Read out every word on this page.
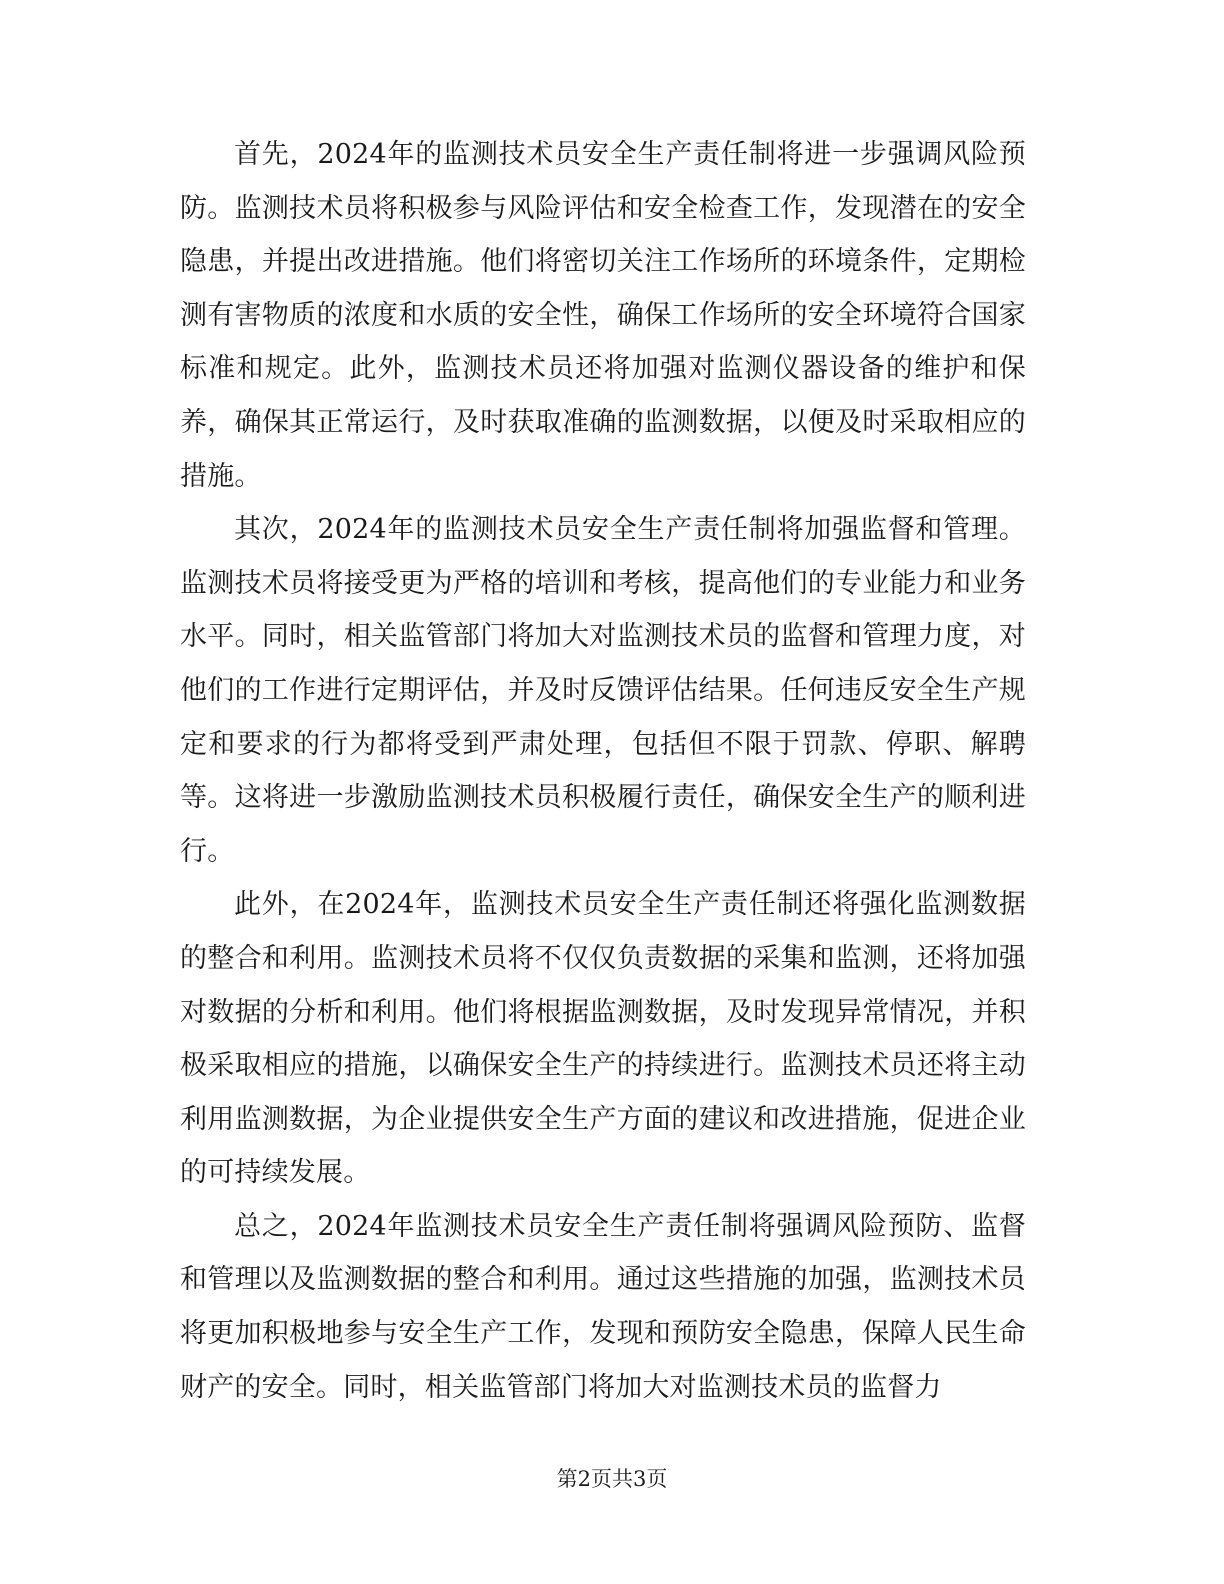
首先，2024年的监测技术员安全生产责任制将进一步强调风险预防。监测技术员将积极参与风险评估和安全检查工作，发现潜在的安全隐患，并提出改进措施。他们将密切关注工作场所的环境条件，定期检测有害物质的浓度和水质的安全性，确保工作场所的安全环境符合国家标准和规定。此外，监测技术员还将加强对监测仪器设备的维护和保养，确保其正常运行，及时获取准确的监测数据，以便及时采取相应的措施。

其次，2024年的监测技术员安全生产责任制将加强监督和管理。监测技术员将接受更为严格的培训和考核，提高他们的专业能力和业务水平。同时，相关监管部门将加大对监测技术员的监督和管理力度，对他们的工作进行定期评估，并及时反馈评估结果。任何违反安全生产规定和要求的行为都将受到严肃处理，包括但不限于罚款、停职、解聘等。这将进一步激励监测技术员积极履行责任，确保安全生产的顺利进行。

此外，在2024年，监测技术员安全生产责任制还将强化监测数据的整合和利用。监测技术员将不仅仅负责数据的采集和监测，还将加强对数据的分析和利用。他们将根据监测数据，及时发现异常情况，并积极采取相应的措施，以确保安全生产的持续进行。监测技术员还将主动利用监测数据，为企业提供安全生产方面的建议和改进措施，促进企业的可持续发展。

总之，2024年监测技术员安全生产责任制将强调风险预防、监督和管理以及监测数据的整合和利用。通过这些措施的加强，监测技术员将更加积极地参与安全生产工作，发现和预防安全隐患，保障人民生命财产的安全。同时，相关监管部门将加大对监测技术员的监督力

第2页共3页
